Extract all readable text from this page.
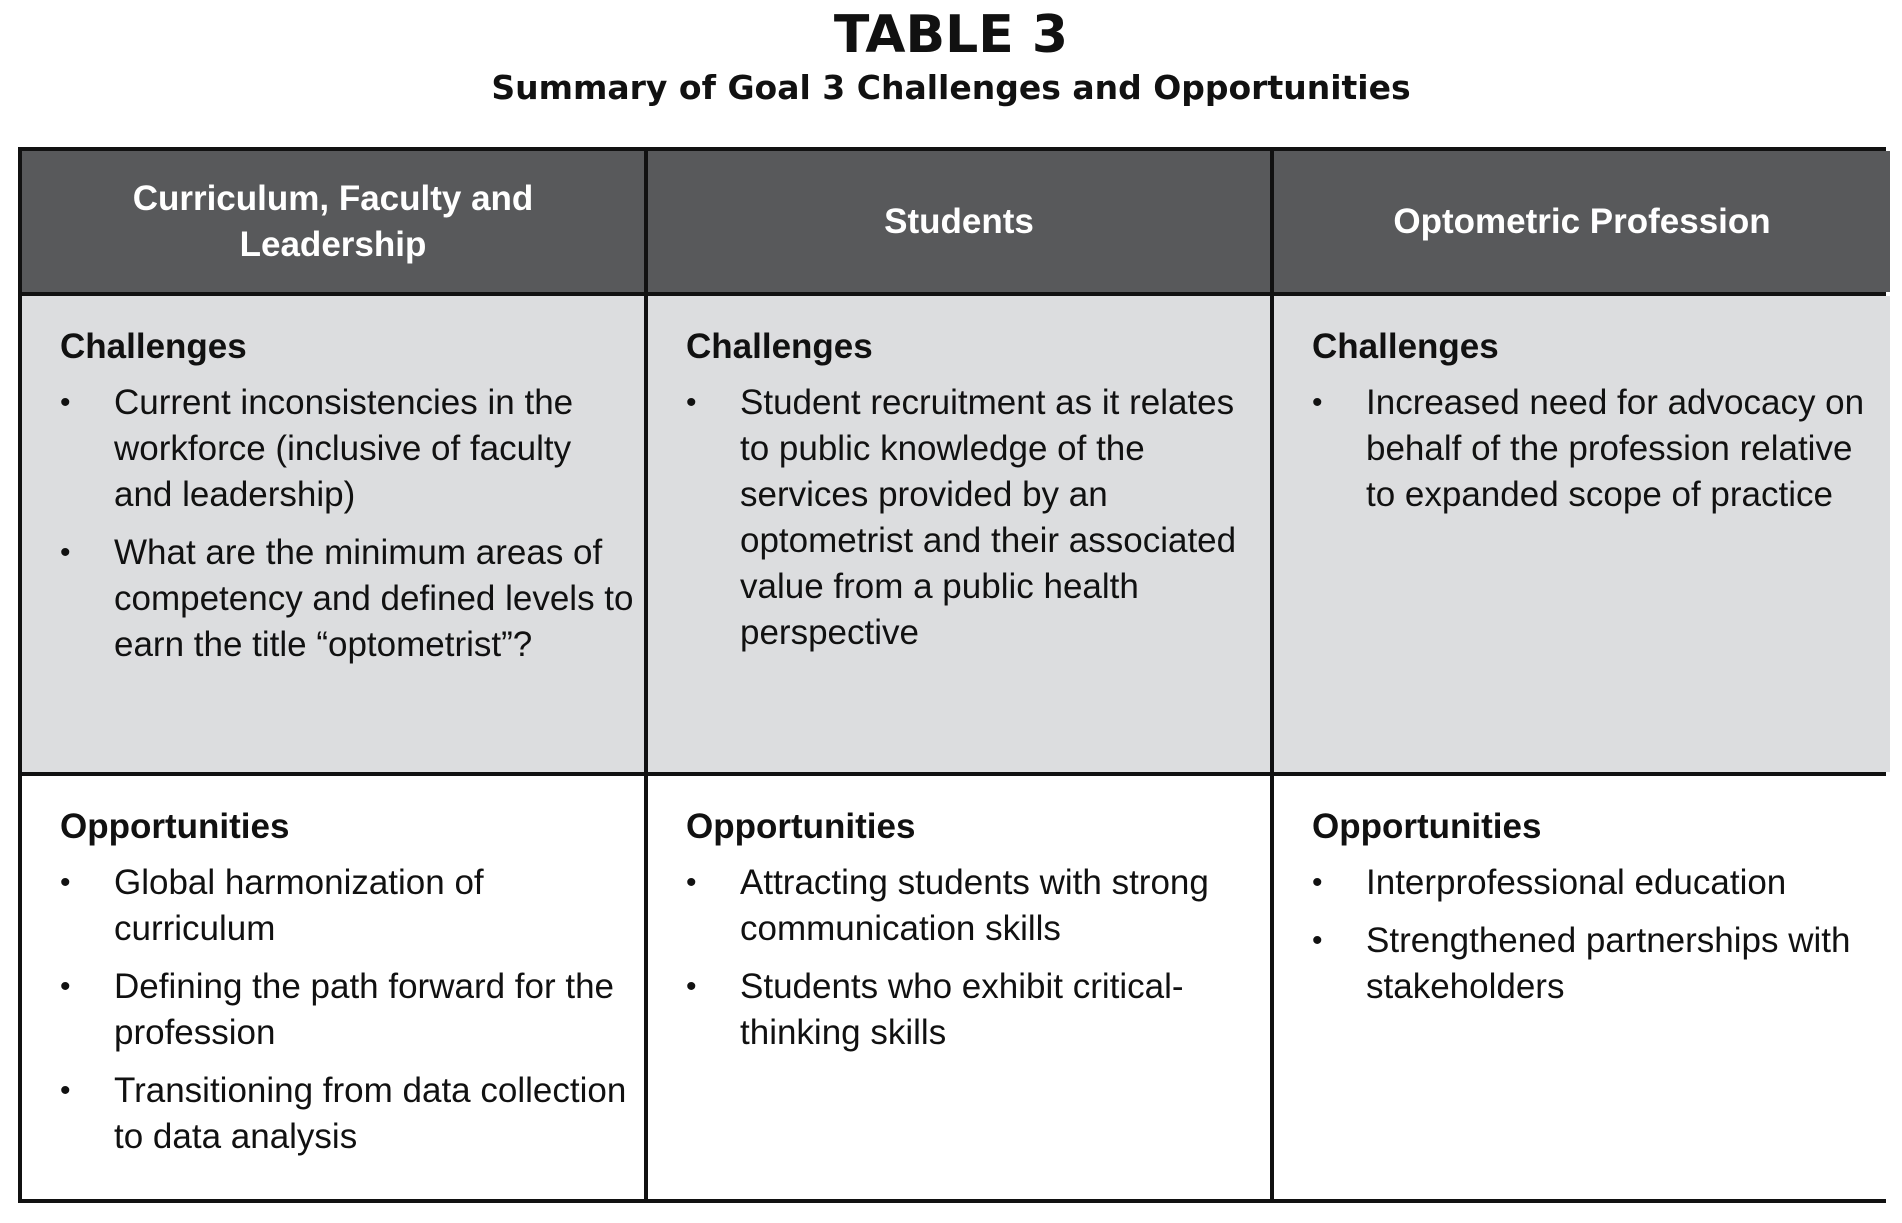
TABLE 3
Summary of Goal 3 Challenges and Opportunities
Curriculum, Faculty and Leadership
Students	Optometric Profession
Challenges
• Current inconsistencies in the workforce (inclusive of faculty and leadership)
• What are the minimum areas of competency and defined levels to earn the title “optometrist”?
Challenges
• Student recruitment as it relates to public knowledge of the services provided by an optometrist and their associated value from a public health perspective
Challenges
• Increased need for advocacy on behalf of the profession relative to expanded scope of practice
Opportunities
• Global harmonization of curriculum
• Defining the path forward for the profession
• Transitioning from data collection to data analysis
Opportunities
• Attracting students with strong communication skills
• Students who exhibit critical-thinking skills
Opportunities
• Interprofessional education
• Strengthened partnerships with stakeholders
